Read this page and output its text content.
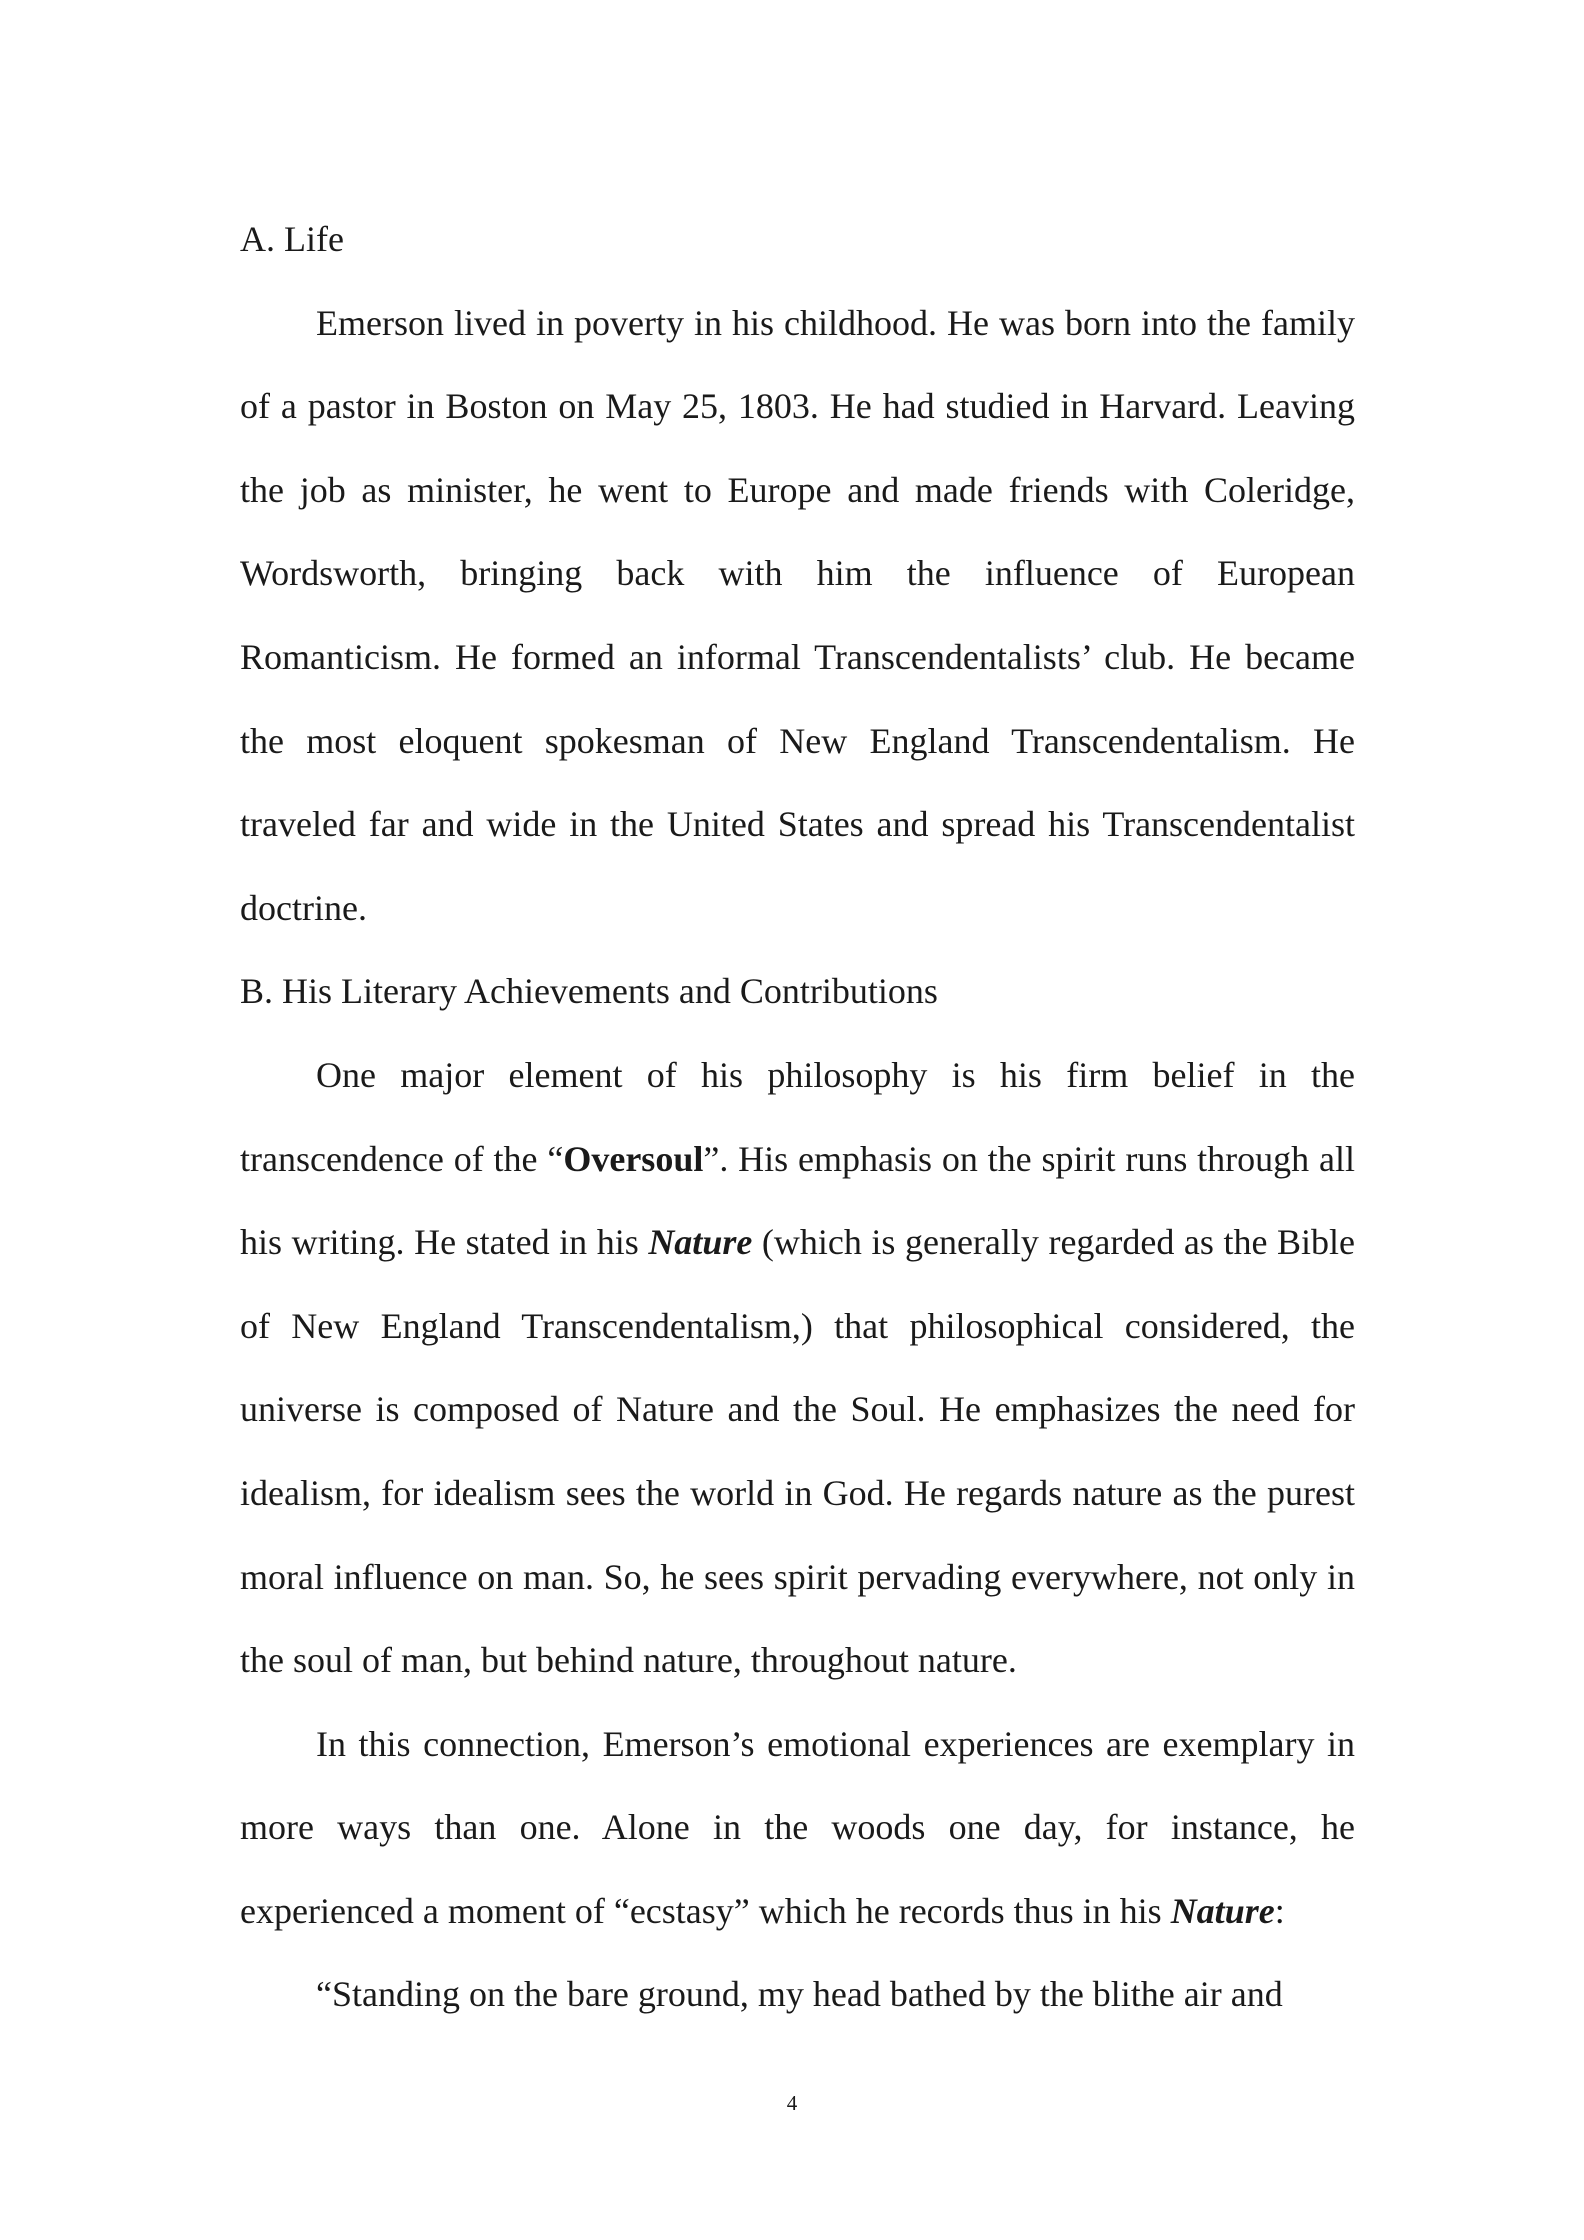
A. Life

Emerson lived in poverty in his childhood. He was born into the family of a pastor in Boston on May 25, 1803. He had studied in Harvard. Leaving the job as minister, he went to Europe and made friends with Coleridge, Wordsworth, bringing back with him the influence of European Romanticism. He formed an informal Transcendentalists’ club. He became the most eloquent spokesman of New England Transcendentalism. He traveled far and wide in the United States and spread his Transcendentalist doctrine.

B. His Literary Achievements and Contributions

One major element of his philosophy is his firm belief in the transcendence of the “Oversoul”. His emphasis on the spirit runs through all his writing. He stated in his Nature (which is generally regarded as the Bible of New England Transcendentalism,) that philosophical considered, the universe is composed of Nature and the Soul. He emphasizes the need for idealism, for idealism sees the world in God. He regards nature as the purest moral influence on man. So, he sees spirit pervading everywhere, not only in the soul of man, but behind nature, throughout nature.

In this connection, Emerson’s emotional experiences are exemplary in more ways than one. Alone in the woods one day, for instance, he experienced a moment of “ecstasy” which he records thus in his Nature:

“Standing on the bare ground, my head bathed by the blithe air and

4
